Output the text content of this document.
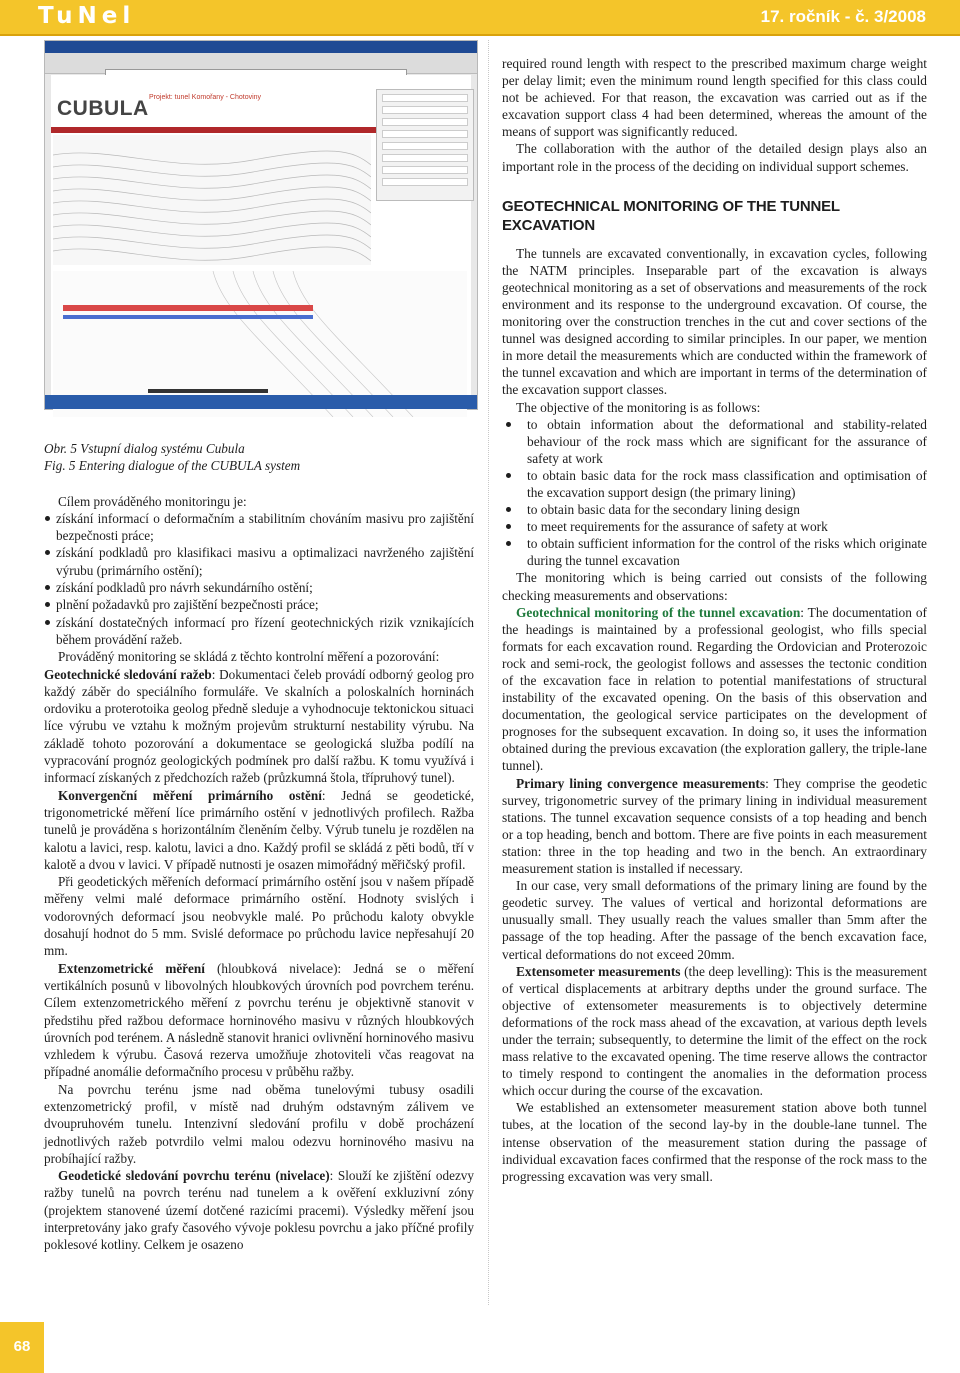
TuNel	17. ročník - č. 3/2008
CUBULA Projekt: tunel Komořany - Chotoviny

Obr. 5 Vstupní dialog systému Cubula

Fig. 5 Entering dialogue of the CUBULA system

Cílem prováděného monitoringu je:

získání informací o deformačním a stabilitním chováním masivu pro zajištění bezpečnosti práce;
získání podkladů pro klasifikaci masivu a optimalizaci navrženého zajištění výrubu (primárního ostění);
získání podkladů pro návrh sekundárního ostění;
plnění požadavků pro zajištění bezpečnosti práce;
získání dostatečných informací pro řízení geotechnických rizik vznikajících během provádění ražeb.

Prováděný monitoring se skládá z těchto kontrolní měření a pozorování:

Geotechnické sledování ražeb: Dokumentaci čeleb provádí odborný geolog pro každý záběr do speciálního formuláře. Ve skalních a poloskalních horninách ordoviku a proterotoika geolog předně sleduje a vyhodnocuje tektonickou situaci líce výrubu ve vztahu k možným projevům strukturní nestability výrubu. Na základě tohoto pozorování a dokumentace se geologická služba podílí na vypracování prognóz geologických podmínek pro další ražbu. K tomu využívá i informací získaných z předchozích ražeb (průzkumná štola, třípruhový tunel).

Konvergenční měření primárního ostění: Jedná se geodetické, trigonometrické měření líce primárního ostění v jednotlivých profilech. Ražba tunelů je prováděna s horizontálním členěním čelby. Výrub tunelu je rozdělen na kalotu a lavici, resp. kalotu, lavici a dno. Každý profil se skládá z pěti bodů, tří v kalotě a dvou v lavici. V případě nutnosti je osazen mimořádný měřičský profil.

Při geodetických měřeních deformací primárního ostění jsou v našem případě měřeny velmi malé deformace primárního ostění. Hodnoty svislých i vodorovných deformací jsou neobvykle malé. Po průchodu kaloty obvykle dosahují hodnot do 5 mm. Svislé deformace po průchodu lavice nepřesahují 20 mm.

Extenzometrické měření (hloubková nivelace): Jedná se o měření vertikálních posunů v libovolných hloubkových úrovních pod povrchem terénu. Cílem extenzometrického měření z povrchu terénu je objektivně stanovit v předstihu před ražbou deformace horninového masivu v různých hloubkových úrovních pod terénem. A následně stanovit hranici ovlivnění horninového masivu vzhledem k výrubu. Časová rezerva umožňuje zhotoviteli včas reagovat na případné anomálie deformačního procesu v průběhu ražby.

Na povrchu terénu jsme nad oběma tunelovými tubusy osadili extenzometrický profil, v místě nad druhým odstavným zálivem ve dvoupruhovém tunelu. Intenzivní sledování profilu v době procházení jednotlivých ražeb potvrdilo velmi malou odezvu horninového masivu na probíhající ražby.

Geodetické sledování povrchu terénu (nivelace): Slouží ke zjištění odezvy ražby tunelů na povrch terénu nad tunelem a k ověření exkluzivní zóny (projektem stanovené území dotčené razicími pracemi). Výsledky měření jsou interpretovány jako grafy časového vývoje poklesu povrchu a jako příčné profily poklesové kotliny. Celkem je osazeno

required round length with respect to the prescribed maximum charge weight per delay limit; even the minimum round length specified for this class could not be achieved. For that reason, the excavation was carried out as if the excavation support class 4 had been determined, whereas the amount of the means of support was significantly reduced.

The collaboration with the author of the detailed design plays also an important role in the process of the deciding on individual support schemes.

GEOTECHNICAL MONITORING OF THE TUNNEL EXCAVATION

The tunnels are excavated conventionally, in excavation cycles, following the NATM principles. Inseparable part of the excavation is always geotechnical monitoring as a set of observations and measurements of the rock environment and its response to the underground excavation. Of course, the monitoring over the construction trenches in the cut and cover sections of the tunnel was designed according to similar principles. In our paper, we mention in more detail the measurements which are conducted within the framework of the tunnel excavation and which are important in terms of the determination of the excavation support classes.

The objective of the monitoring is as follows:

to obtain information about the deformational and stability-related behaviour of the rock mass which are significant for the assurance of safety at work
to obtain basic data for the rock mass classification and optimisation of the excavation support design (the primary lining)
to obtain basic data for the secondary lining design
to meet requirements for the assurance of safety at work
to obtain sufficient information for the control of the risks which originate during the tunnel excavation

The monitoring which is being carried out consists of the following checking measurements and observations:

Geotechnical monitoring of the tunnel excavation: The documentation of the headings is maintained by a professional geologist, who fills special formats for each excavation round. Regarding the Ordovician and Proterozoic rock and semi-rock, the geologist follows and assesses the tectonic condition of the excavation face in relation to potential manifestations of structural instability of the excavated opening. On the basis of this observation and documentation, the geological service participates on the development of prognoses for the subsequent excavation. In doing so, it uses the information obtained during the previous excavation (the exploration gallery, the triple-lane tunnel).

Primary lining convergence measurements: They comprise the geodetic survey, trigonometric survey of the primary lining in individual measurement stations. The tunnel excavation sequence consists of a top heading and bench or a top heading, bench and bottom. There are five points in each measurement station: three in the top heading and two in the bench. An extraordinary measurement station is installed if necessary.

In our case, very small deformations of the primary lining are found by the geodetic survey. The values of vertical and horizontal deformations are unusually small. They usually reach the values smaller than 5mm after the passage of the top heading. After the passage of the bench excavation face, vertical deformations do not exceed 20mm.

Extensometer measurements (the deep levelling): This is the measurement of vertical displacements at arbitrary depths under the ground surface. The objective of extensometer measurements is to objectively determine deformations of the rock mass ahead of the excavation, at various depth levels under the terrain; subsequently, to determine the limit of the effect on the rock mass relative to the excavated opening. The time reserve allows the contractor to timely respond to contingent the anomalies in the deformation process which occur during the course of the excavation.

We established an extensometer measurement station above both tunnel tubes, at the location of the second lay-by in the double-lane tunnel. The intense observation of the measurement station during the passage of individual excavation faces confirmed that the response of the rock mass to the progressing excavation was very small.

68
